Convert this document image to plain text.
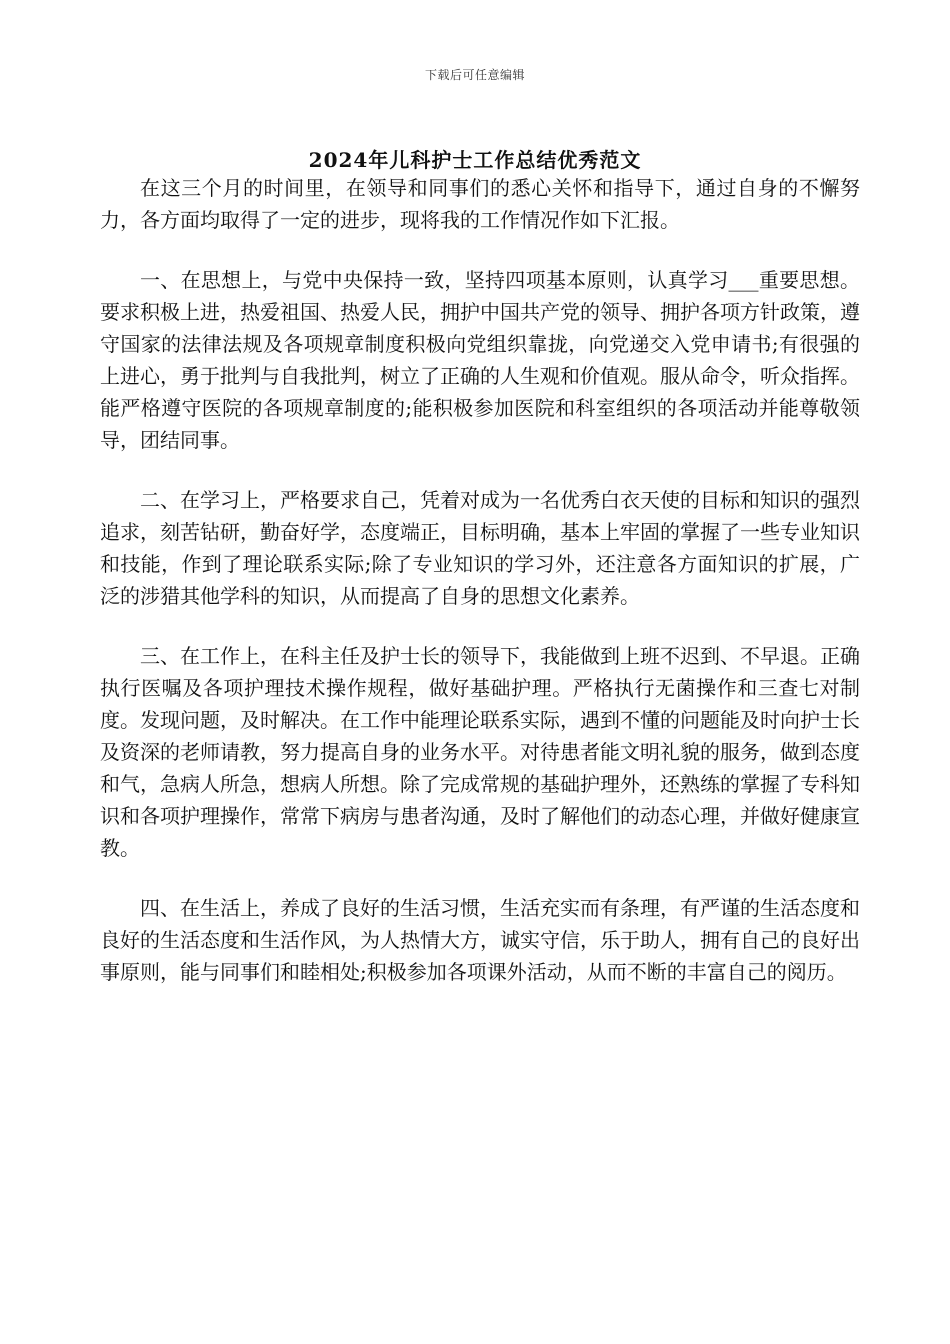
下载后可任意编辑
2024年儿科护士工作总结优秀范文

在这三个月的时间里，在领导和同事们的悉心关怀和指导下，通过自身的不懈努力，各方面均取得了一定的进步，现将我的工作情况作如下汇报。

一、在思想上，与党中央保持一致，坚持四项基本原则，认真学习___重要思想。要求积极上进，热爱祖国、热爱人民，拥护中国共产党的领导、拥护各项方针政策，遵守国家的法律法规及各项规章制度积极向党组织靠拢，向党递交入党申请书;有很强的上进心，勇于批判与自我批判，树立了正确的人生观和价值观。服从命令，听众指挥。能严格遵守医院的各项规章制度的;能积极参加医院和科室组织的各项活动并能尊敬领导，团结同事。

二、在学习上，严格要求自己，凭着对成为一名优秀白衣天使的目标和知识的强烈追求，刻苦钻研，勤奋好学，态度端正，目标明确，基本上牢固的掌握了一些专业知识和技能，作到了理论联系实际;除了专业知识的学习外，还注意各方面知识的扩展，广泛的涉猎其他学科的知识，从而提高了自身的思想文化素养。

三、在工作上，在科主任及护士长的领导下，我能做到上班不迟到、不早退。正确执行医嘱及各项护理技术操作规程，做好基础护理。严格执行无菌操作和三查七对制度。发现问题，及时解决。在工作中能理论联系实际，遇到不懂的问题能及时向护士长及资深的老师请教，努力提高自身的业务水平。对待患者能文明礼貌的服务，做到态度和气，急病人所急，想病人所想。除了完成常规的基础护理外，还熟练的掌握了专科知识和各项护理操作，常常下病房与患者沟通，及时了解他们的动态心理，并做好健康宣教。

四、在生活上，养成了良好的生活习惯，生活充实而有条理，有严谨的生活态度和良好的生活态度和生活作风，为人热情大方，诚实守信，乐于助人，拥有自己的良好出事原则，能与同事们和睦相处;积极参加各项课外活动，从而不断的丰富自己的阅历。
